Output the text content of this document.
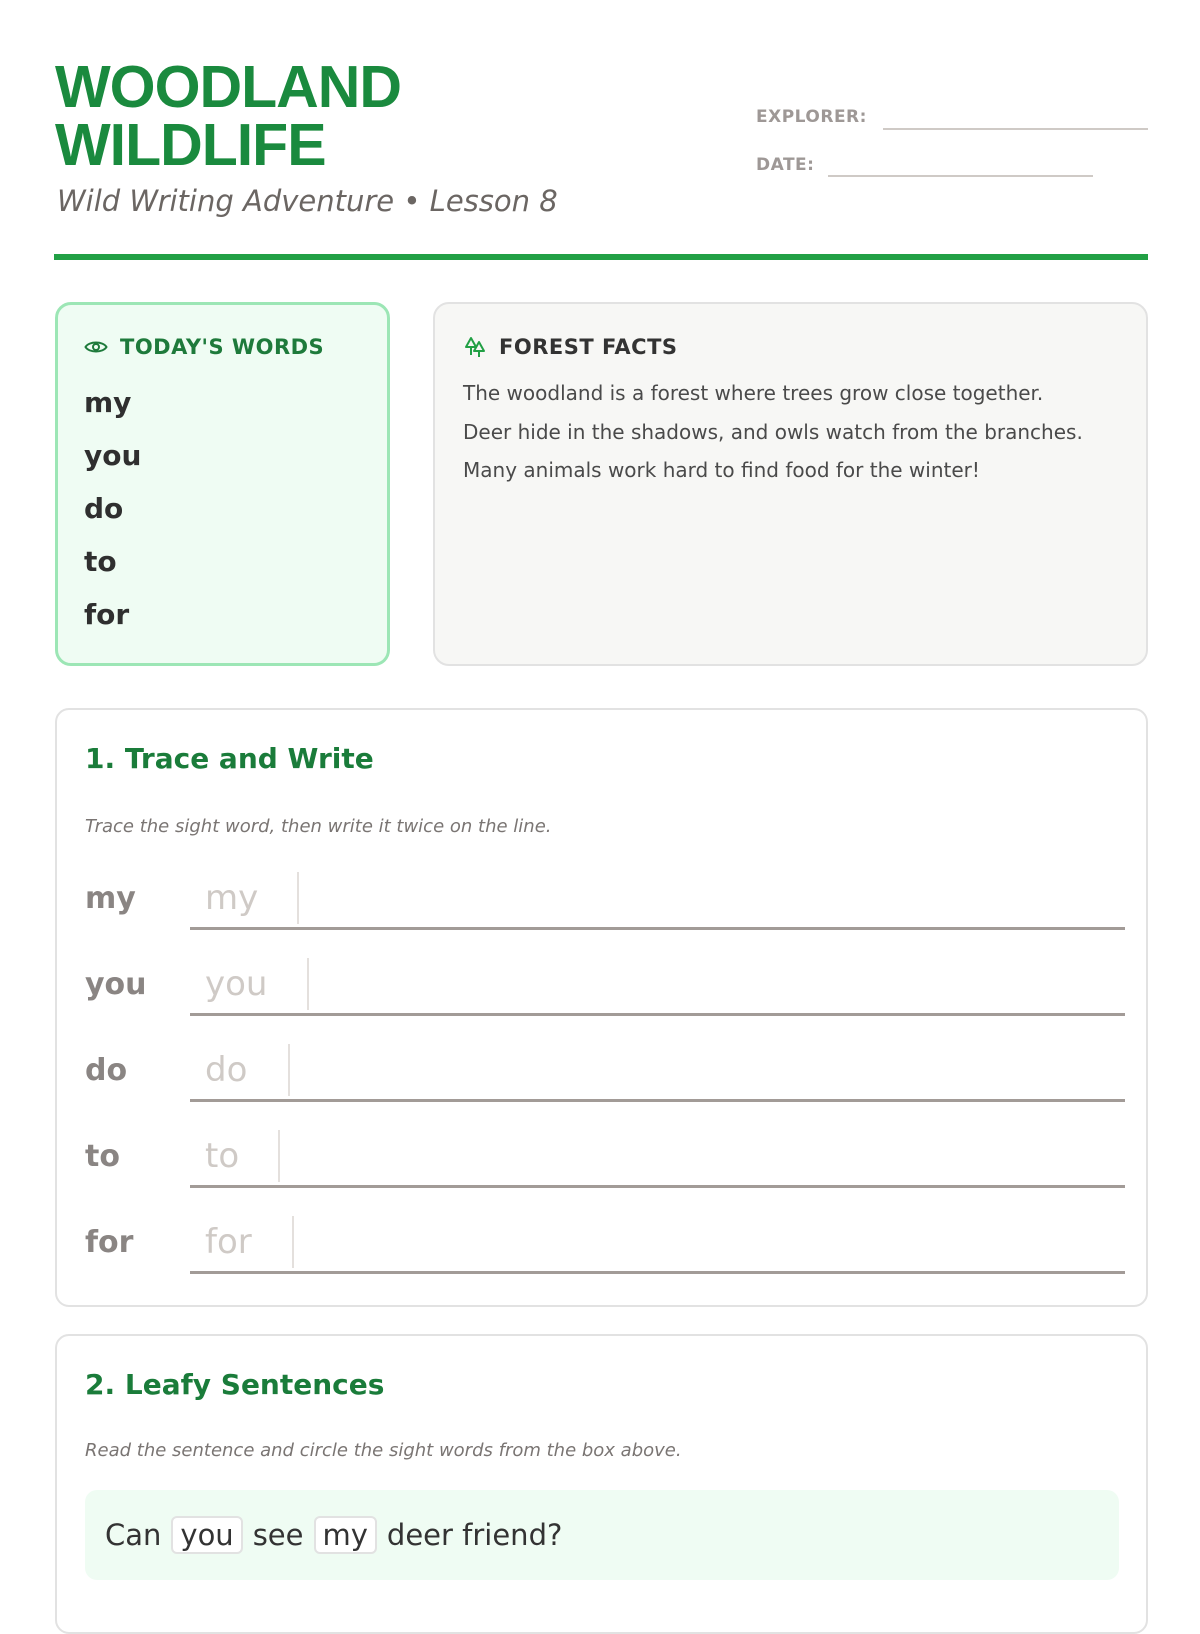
WOODLAND
WILDLIFE
Wild Writing Adventure • Lesson 8
EXPLORER:
DATE:
TODAY'S WORDS
my
you
do
to
for
FOREST FACTS
The woodland is a forest where trees grow close together.
Deer hide in the shadows, and owls watch from the branches.
Many animals work hard to find food for the winter!
1. Trace and Write
Trace the sight word, then write it twice on the line.
my my
you you
do do
to	to
for for
2. Leafy Sentences
Read the sentence and circle the sight words from the box above.
Can you see my deer friend?
